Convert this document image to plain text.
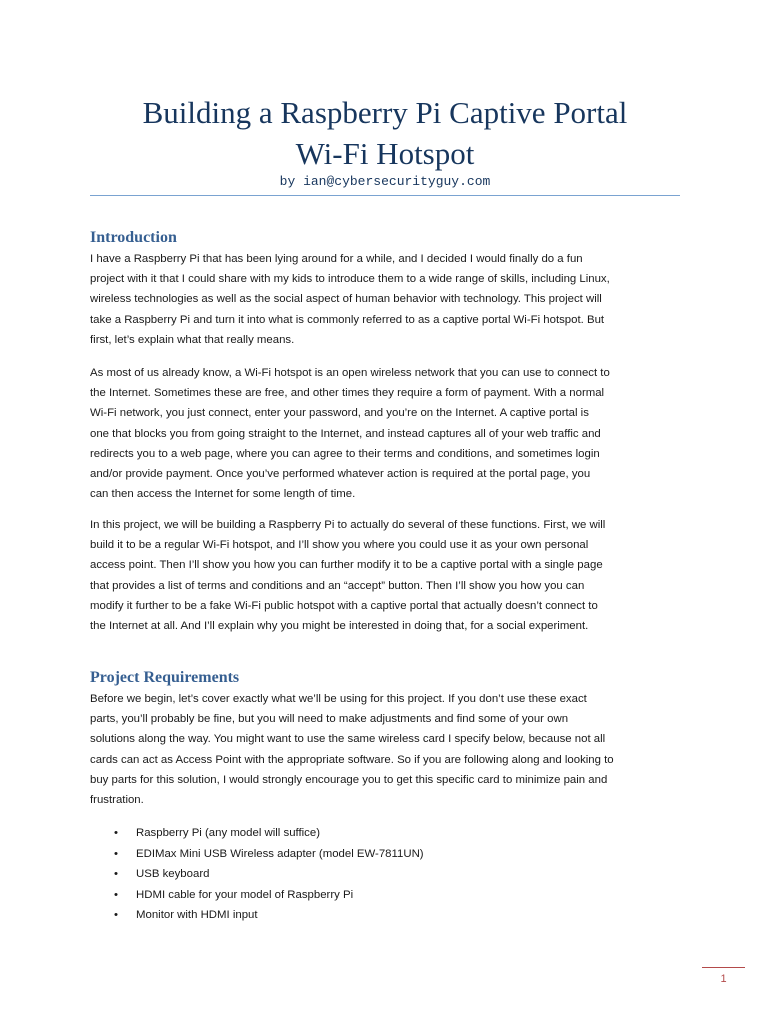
Building a Raspberry Pi Captive Portal
Wi-Fi Hotspot
by ian@cybersecurityguy.com
Introduction

I have a Raspberry Pi that has been lying around for a while, and I decided I would finally do a fun
project with it that I could share with my kids to introduce them to a wide range of skills, including Linux,
wireless technologies as well as the social aspect of human behavior with technology. This project will
take a Raspberry Pi and turn it into what is commonly referred to as a captive portal Wi-Fi hotspot. But
first, let’s explain what that really means.

As most of us already know, a Wi-Fi hotspot is an open wireless network that you can use to connect to
the Internet. Sometimes these are free, and other times they require a form of payment. With a normal
Wi-Fi network, you just connect, enter your password, and you’re on the Internet. A captive portal is
one that blocks you from going straight to the Internet, and instead captures all of your web traffic and
redirects you to a web page, where you can agree to their terms and conditions, and sometimes login
and/or provide payment. Once you’ve performed whatever action is required at the portal page, you
can then access the Internet for some length of time.

In this project, we will be building a Raspberry Pi to actually do several of these functions. First, we will
build it to be a regular Wi-Fi hotspot, and I’ll show you where you could use it as your own personal
access point. Then I’ll show you how you can further modify it to be a captive portal with a single page
that provides a list of terms and conditions and an “accept” button. Then I’ll show you how you can
modify it further to be a fake Wi-Fi public hotspot with a captive portal that actually doesn’t connect to
the Internet at all. And I’ll explain why you might be interested in doing that, for a social experiment.

Project Requirements

Before we begin, let’s cover exactly what we’ll be using for this project. If you don’t use these exact
parts, you’ll probably be fine, but you will need to make adjustments and find some of your own
solutions along the way. You might want to use the same wireless card I specify below, because not all
cards can act as Access Point with the appropriate software. So if you are following along and looking to
buy parts for this solution, I would strongly encourage you to get this specific card to minimize pain and
frustration.

• Raspberry Pi (any model will suffice)
• EDIMax Mini USB Wireless adapter (model EW-7811UN)
• USB keyboard
• HDMI cable for your model of Raspberry Pi
• Monitor with HDMI input
1
